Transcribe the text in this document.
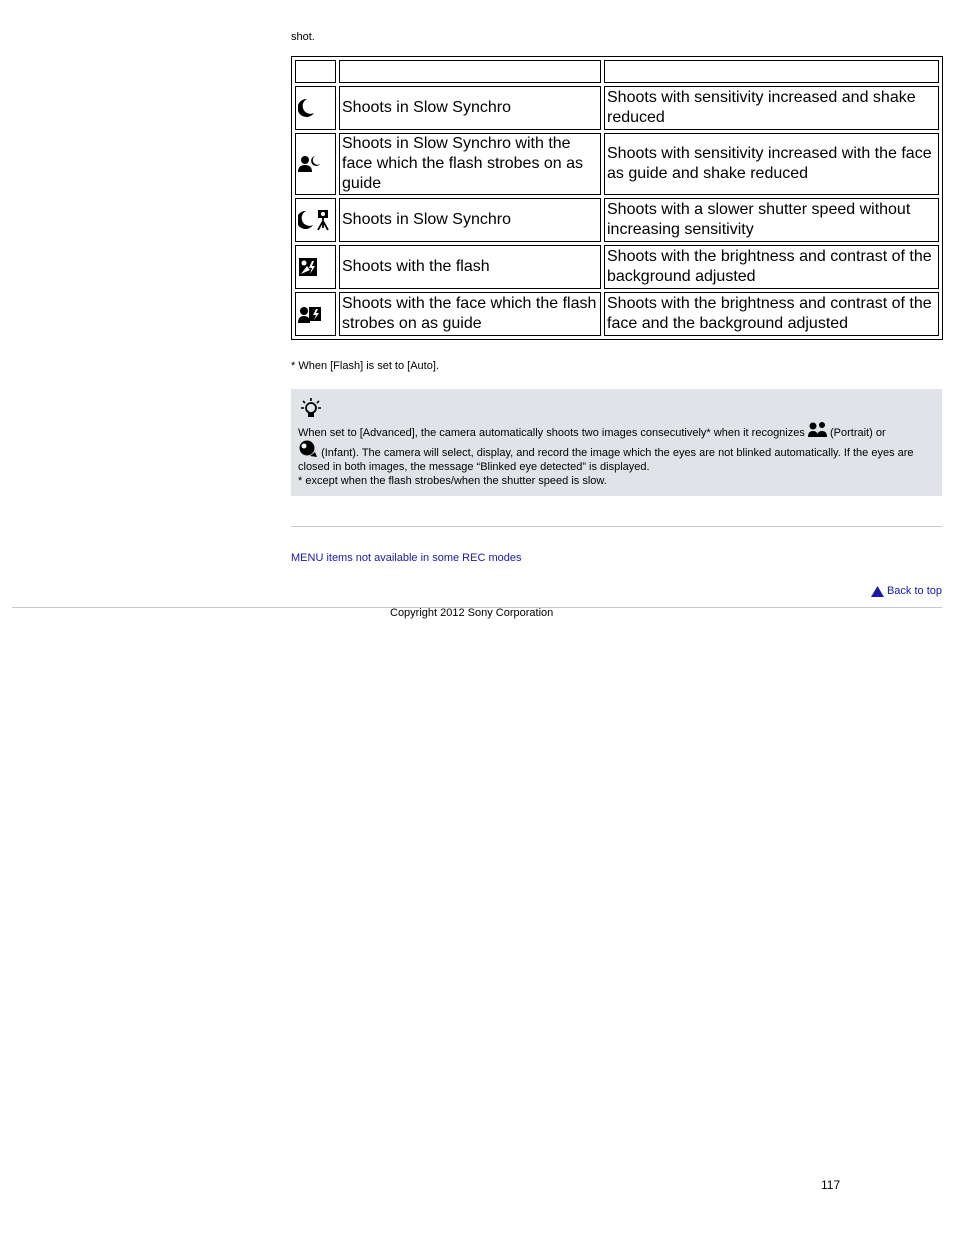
shot.

	Shoots in Slow Synchro	Shoots with sensitivity increased and shake reduced

	Shoots in Slow Synchro with the face which the flash strobes on as guide	Shoots with sensitivity increased with the face as guide and shake reduced

	Shoots in Slow Synchro	Shoots with a slower shutter speed without increasing sensitivity

	Shoots with the flash	Shoots with the brightness and contrast of the background adjusted

	Shoots with the face which the flash strobes on as guide	Shoots with the brightness and contrast of the face and the background adjusted
* When [Flash] is set to [Auto].
When set to [Advanced], the camera automatically shoots two images consecutively* when it recognizes (Portrait) or
(Infant). The camera will select, display, and record the image which the eyes are not blinked automatically. If the eyes are closed in both images, the message “Blinked eye detected” is displayed.
* except when the flash strobes/when the shutter speed is slow.
MENU items not available in some REC modes
Back to top
Copyright 2012 Sony Corporation
117
